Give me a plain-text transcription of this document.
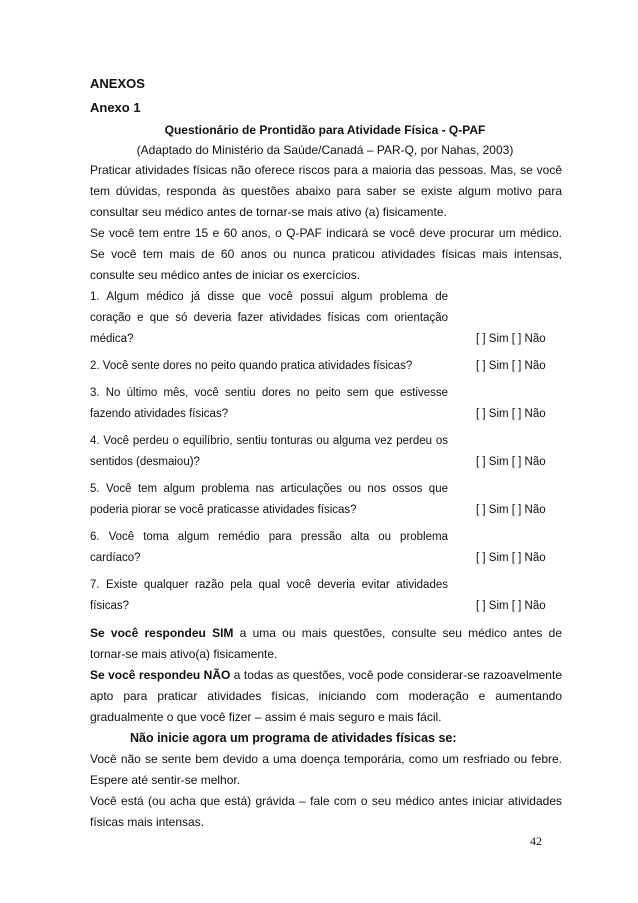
ANEXOS
Anexo 1
Questionário de Prontidão para Atividade Física - Q-PAF
(Adaptado do Ministério da Saúde/Canadá – PAR-Q, por Nahas, 2003)
Praticar atividades físicas não oferece riscos para a maioria das pessoas. Mas, se você tem dúvidas, responda às questões abaixo para saber se existe algum motivo para consultar seu médico antes de tornar-se mais ativo (a) fisicamente.
Se você tem entre 15 e 60 anos, o Q-PAF indicará se você deve procurar um médico. Se você tem mais de 60 anos ou nunca praticou atividades físicas mais intensas, consulte seu médico antes de iniciar os exercícios.
1. Algum médico já disse que você possui algum problema de coração e que só deveria fazer atividades físicas com orientação médica?	[ ] Sim [ ] Não
2. Você sente dores no peito quando pratica atividades físicas?	[ ] Sim [ ] Não
3. No último mês, você sentiu dores no peito sem que estivesse fazendo atividades físicas?	[ ] Sim [ ] Não
4. Você perdeu o equilíbrio, sentiu tonturas ou alguma vez perdeu os sentidos (desmaiou)?	[ ] Sim [ ] Não
5. Você tem algum problema nas articulações ou nos ossos que poderia piorar se você praticasse atividades físicas?	[ ] Sim [ ] Não
6. Você toma algum remédio para pressão alta ou problema cardíaco?	[ ] Sim [ ] Não
7. Existe qualquer razão pela qual você deveria evitar atividades físicas?	[ ] Sim [ ] Não
Se você respondeu SIM a uma ou mais questões, consulte seu médico antes de tornar-se mais ativo(a) fisicamente.
Se você respondeu NÃO a todas as questões, você pode considerar-se razoavelmente apto para praticar atividades físicas, iniciando com moderação e aumentando gradualmente o que você fizer – assim é mais seguro e mais fácil.
Não inicie agora um programa de atividades físicas se:
Você não se sente bem devido a uma doença temporária, como um resfriado ou febre. Espere até sentir-se melhor.
Você está (ou acha que está) grávida – fale com o seu médico antes iniciar atividades físicas mais intensas.
42
